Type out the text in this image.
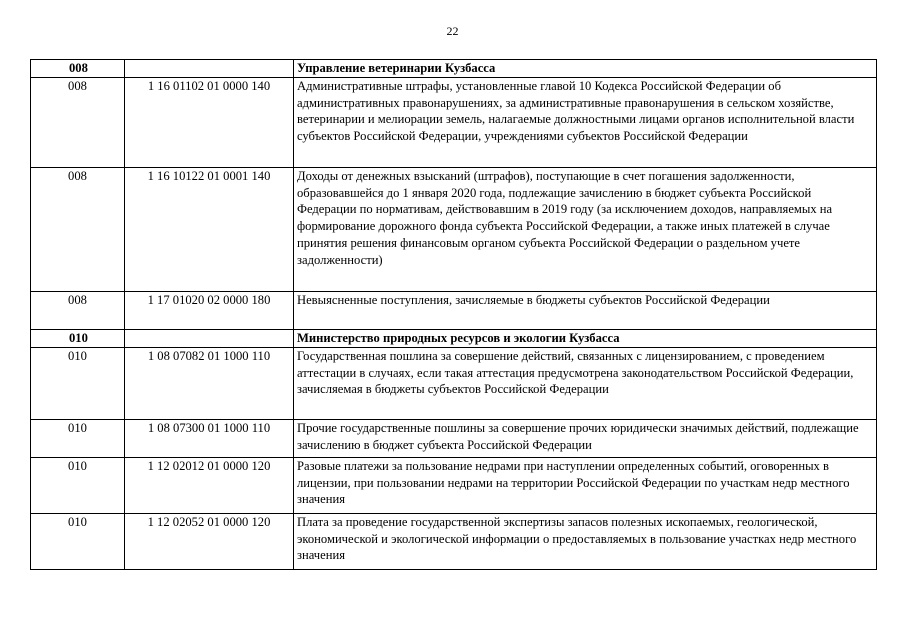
22
008		Управление ветеринарии Кузбасса
008	1 16 01102 01 0000 140	Административные штрафы, установленные главой 10 Кодекса Российской Федерации об административных правонарушениях, за административные правонарушения в сельском хозяйстве, ветеринарии и мелиорации земель, налагаемые должностными лицами органов исполнительной власти субъектов Российской Федерации, учреждениями субъектов Российской Федерации
008	1 16 10122 01 0001 140	Доходы от денежных взысканий (штрафов), поступающие в счет погашения задолженности, образовавшейся до 1 января 2020 года, подлежащие зачислению в бюджет субъекта Российской Федерации по нормативам, действовавшим в 2019 году (за исключением доходов, направляемых на формирование дорожного фонда субъекта Российской Федерации, а также иных платежей в случае принятия решения финансовым органом субъекта Российской Федерации о раздельном учете задолженности)
008	1 17 01020 02 0000 180	Невыясненные поступления, зачисляемые в бюджеты субъектов Российской Федерации
010		Министерство природных ресурсов и экологии Кузбасса
010	1 08 07082 01 1000 110	Государственная пошлина за совершение действий, связанных с лицензированием, с проведением аттестации в случаях, если такая аттестация предусмотрена законодательством Российской Федерации, зачисляемая в бюджеты субъектов Российской Федерации
010	1 08 07300 01 1000 110	Прочие государственные пошлины за совершение прочих юридически значимых действий, подлежащие зачислению в бюджет субъекта Российской Федерации
010	1 12 02012 01 0000 120	Разовые платежи за пользование недрами при наступлении определенных событий, оговоренных в лицензии, при пользовании недрами на территории Российской Федерации по участкам недр местного значения
010	1 12 02052 01 0000 120	Плата за проведение государственной экспертизы запасов полезных ископаемых, геологической, экономической и экологической информации о предоставляемых в пользование участках недр местного значения
